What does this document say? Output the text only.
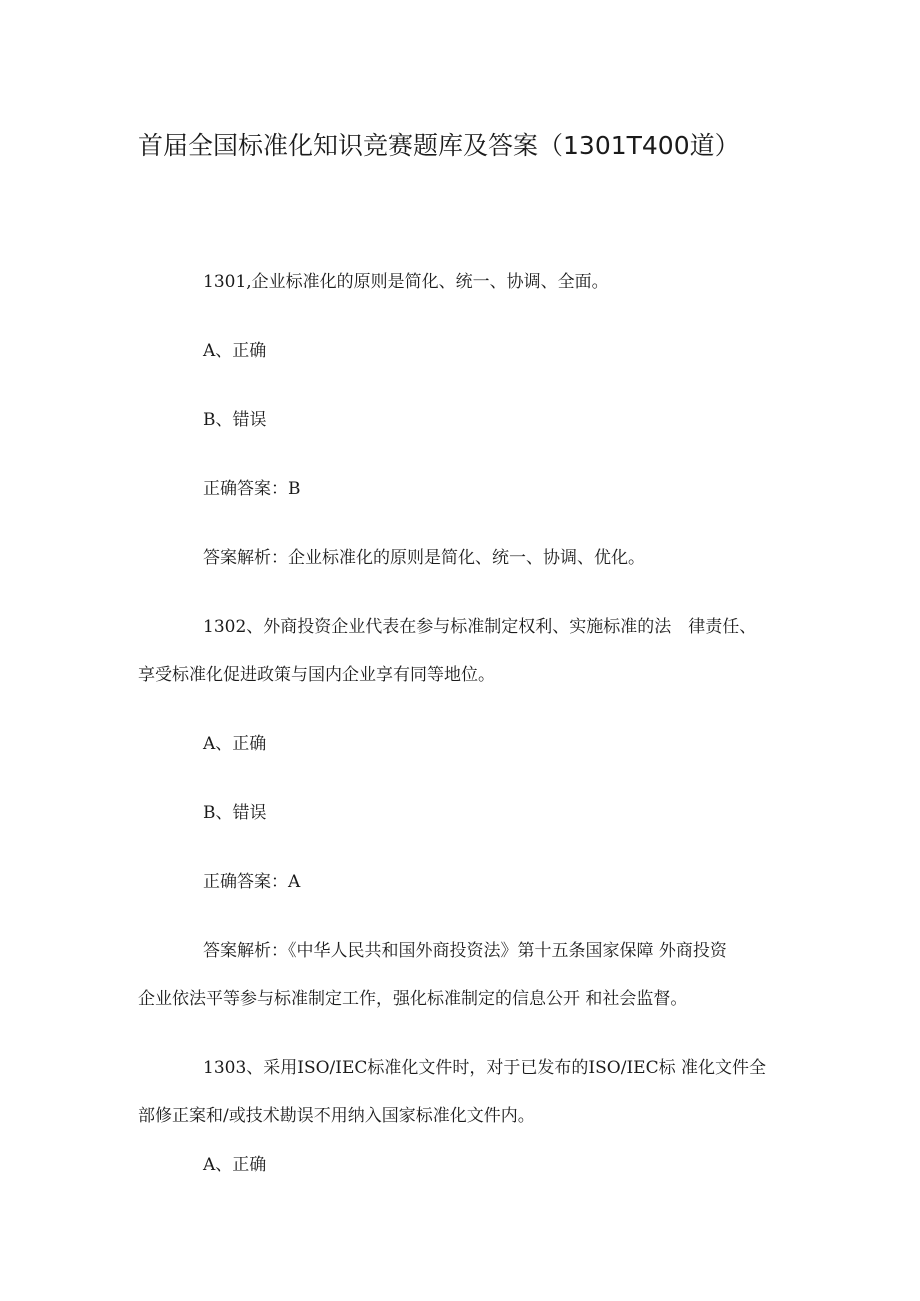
首届全国标准化知识竞赛题库及答案（1301T400道）
1301,企业标准化的原则是简化、统一、协调、全面。
A、正确
B、错误
正确答案：B
答案解析：企业标准化的原则是简化、统一、协调、优化。
1302、外商投资企业代表在参与标准制定权利、实施标准的法　律责任、
享受标准化促进政策与国内企业享有同等地位。
A、正确
B、错误
正确答案：A
答案解析：《中华人民共和国外商投资法》第十五条国家保障 外商投资
企业依法平等参与标准制定工作，强化标准制定的信息公开 和社会监督。
1303、采用ISO/IEC标准化文件时，对于已发布的ISO/IEC标 准化文件全
部修正案和/或技术勘误不用纳入国家标准化文件内。
A、正确
